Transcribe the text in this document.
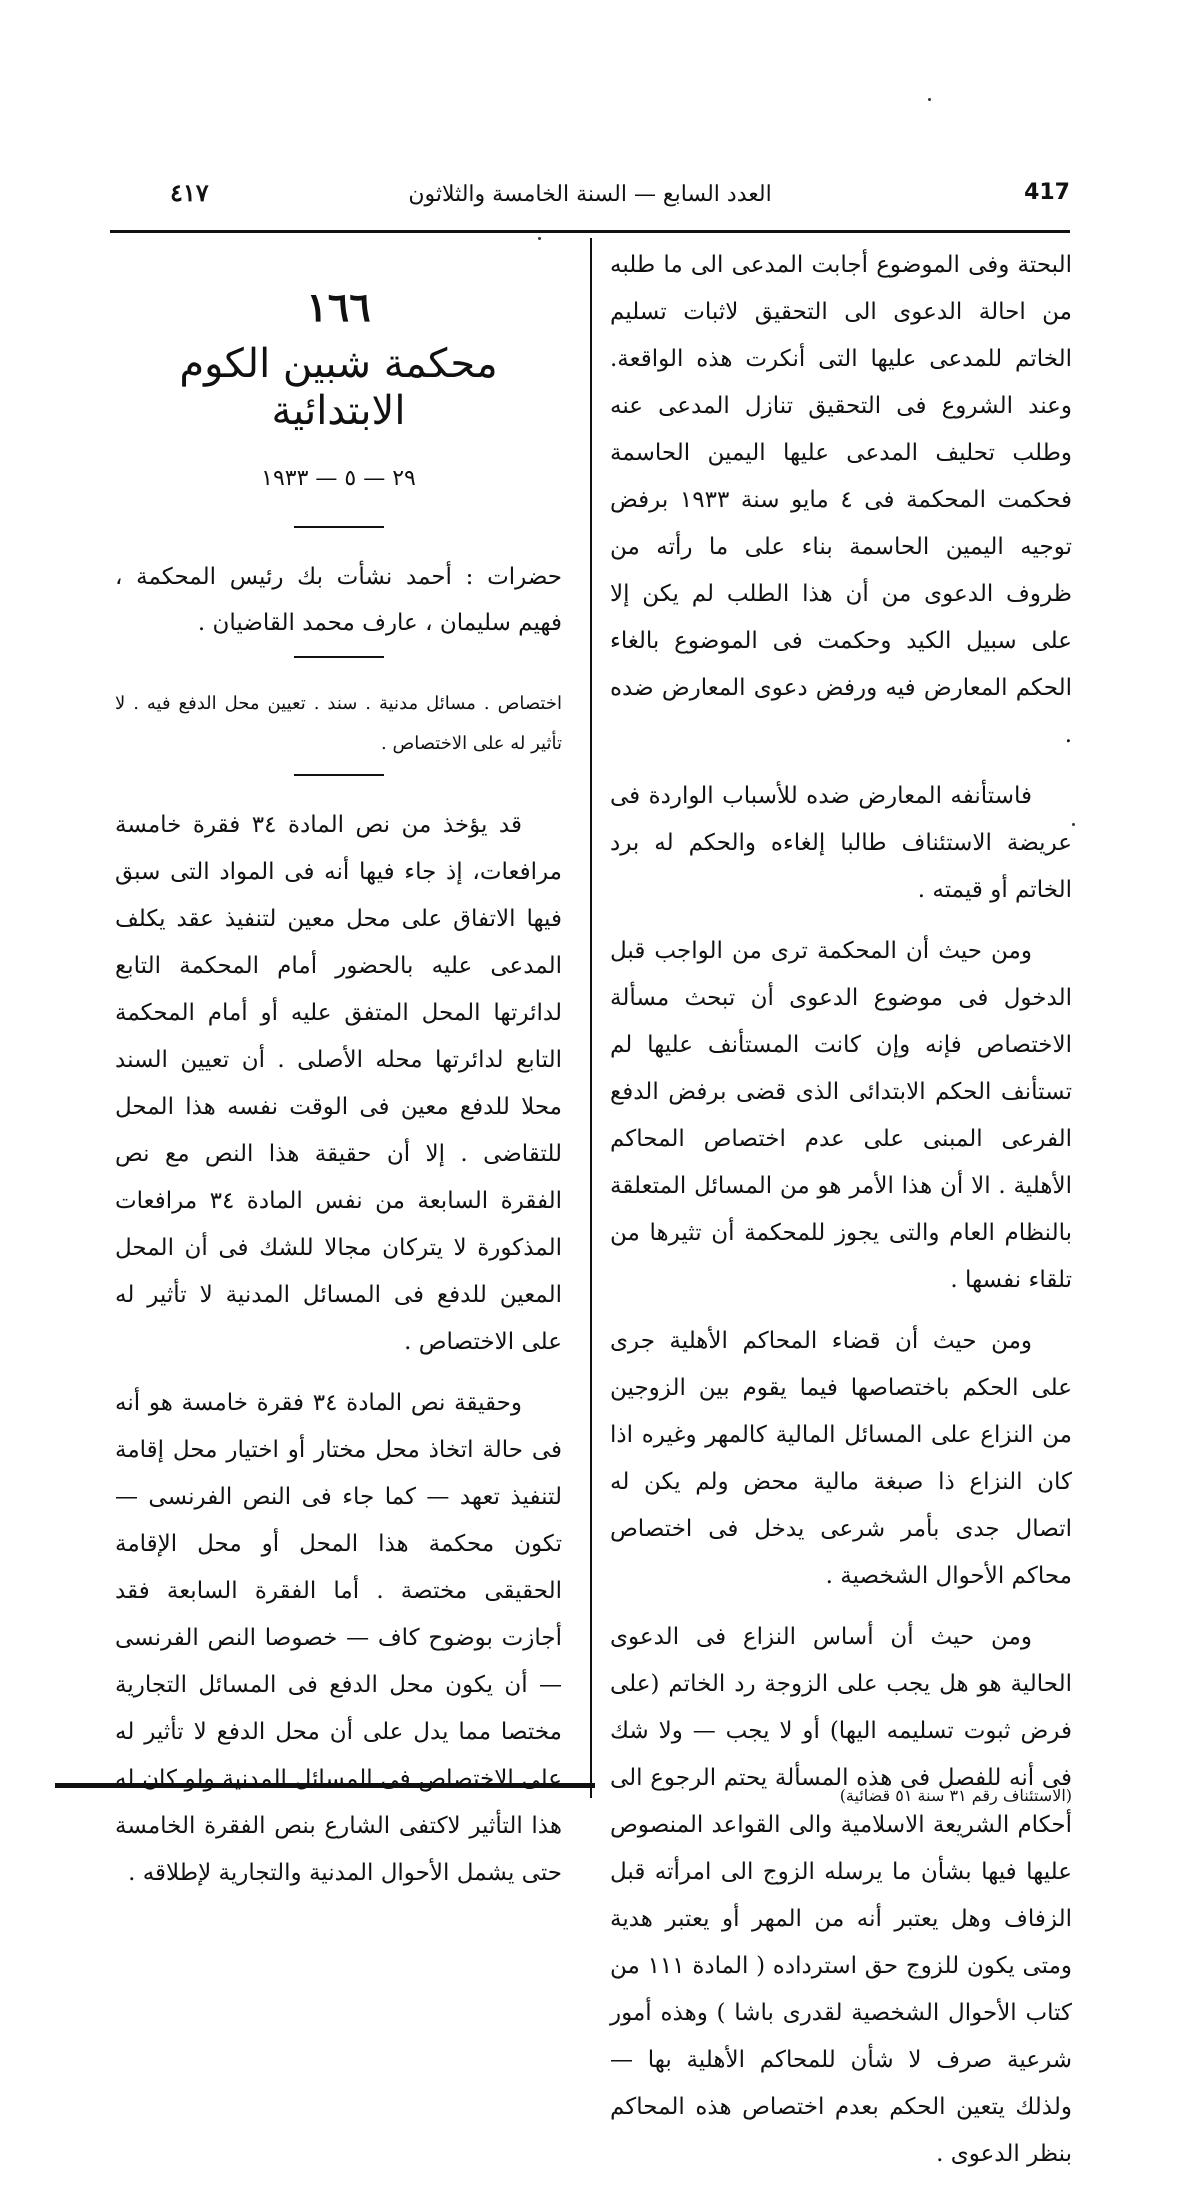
٤١٧	العدد السابع — السنة الخامسة والثلاثون	417

البحتة وفى الموضوع أجابت المدعى الى ما طلبه من احالة الدعوى الى التحقيق لاثبات تسليم الخاتم للمدعى عليها التى أنكرت هذه الواقعة. وعند الشروع فى التحقيق تنازل المدعى عنه وطلب تحليف المدعى عليها اليمين الحاسمة فحكمت المحكمة فى ٤ مايو سنة ١٩٣٣ برفض توجيه اليمين الحاسمة بناء على ما رأته من ظروف الدعوى من أن هذا الطلب لم يكن إلا على سبيل الكيد وحكمت فى الموضوع بالغاء الحكم المعارض فيه ورفض دعوى المعارض ضده .

فاستأنفه المعارض ضده للأسباب الواردة فى عريضة الاستئناف طالبا إلغاءه والحكم له برد الخاتم أو قيمته .

ومن حيث أن المحكمة ترى من الواجب قبل الدخول فى موضوع الدعوى أن تبحث مسألة الاختصاص فإنه وإن كانت المستأنف عليها لم تستأنف الحكم الابتدائى الذى قضى برفض الدفع الفرعى المبنى على عدم اختصاص المحاكم الأهلية . الا أن هذا الأمر هو من المسائل المتعلقة بالنظام العام والتى يجوز للمحكمة أن تثيرها من تلقاء نفسها .

ومن حيث أن قضاء المحاكم الأهلية جرى على الحكم باختصاصها فيما يقوم بين الزوجين من النزاع على المسائل المالية كالمهر وغيره اذا كان النزاع ذا صبغة مالية محض ولم يكن له اتصال جدى بأمر شرعى يدخل فى اختصاص محاكم الأحوال الشخصية .

ومن حيث أن أساس النزاع فى الدعوى الحالية هو هل يجب على الزوجة رد الخاتم (على فرض ثبوت تسليمه اليها) أو لا يجب — ولا شك فى أنه للفصل فى هذه المسألة يحتم الرجوع الى أحكام الشريعة الاسلامية والى القواعد المنصوص عليها فيها بشأن ما يرسله الزوج الى امرأته قبل الزفاف وهل يعتبر أنه من المهر أو يعتبر هدية ومتى يكون للزوج حق استرداده ( المادة ١١١ من كتاب الأحوال الشخصية لقدرى باشا ) وهذه أمور شرعية صرف لا شأن للمحاكم الأهلية بها — ولذلك يتعين الحكم بعدم اختصاص هذه المحاكم بنظر الدعوى .

(الاستئناف رقم ٣١ سنة ٥١ قضائية)
١٦٦
محكمة شبين الكوم الابتدائية
٢٩ — ٥ — ١٩٣٣
حضرات : أحمد نشأت بك رئيس المحكمة ، فهيم سليمان ، عارف محمد القاضيان .
اختصاص . مسائل مدنية . سند . تعيين محل الدفع فيه . لا تأثير له على الاختصاص .

قد يؤخذ من نص المادة ٣٤ فقرة خامسة مرافعات، إذ جاء فيها أنه فى المواد التى سبق فيها الاتفاق على محل معين لتنفيذ عقد يكلف المدعى عليه بالحضور أمام المحكمة التابع لدائرتها المحل المتفق عليه أو أمام المحكمة التابع لدائرتها محله الأصلى . أن تعيين السند محلا للدفع معين فى الوقت نفسه هذا المحل للتقاضى . إلا أن حقيقة هذا النص مع نص الفقرة السابعة من نفس المادة ٣٤ مرافعات المذكورة لا يتركان مجالا للشك فى أن المحل المعين للدفع فى المسائل المدنية لا تأثير له على الاختصاص .

وحقيقة نص المادة ٣٤ فقرة خامسة هو أنه فى حالة اتخاذ محل مختار أو اختيار محل إقامة لتنفيذ تعهد — كما جاء فى النص الفرنسى — تكون محكمة هذا المحل أو محل الإقامة الحقيقى مختصة . أما الفقرة السابعة فقد أجازت بوضوح كاف — خصوصا النص الفرنسى — أن يكون محل الدفع فى المسائل التجارية مختصا مما يدل على أن محل الدفع لا تأثير له على الاختصاص فى المسائل المدنية ولو كان له هذا التأثير لاكتفى الشارع بنص الفقرة الخامسة حتى يشمل الأحوال المدنية والتجارية لإطلاقه .
